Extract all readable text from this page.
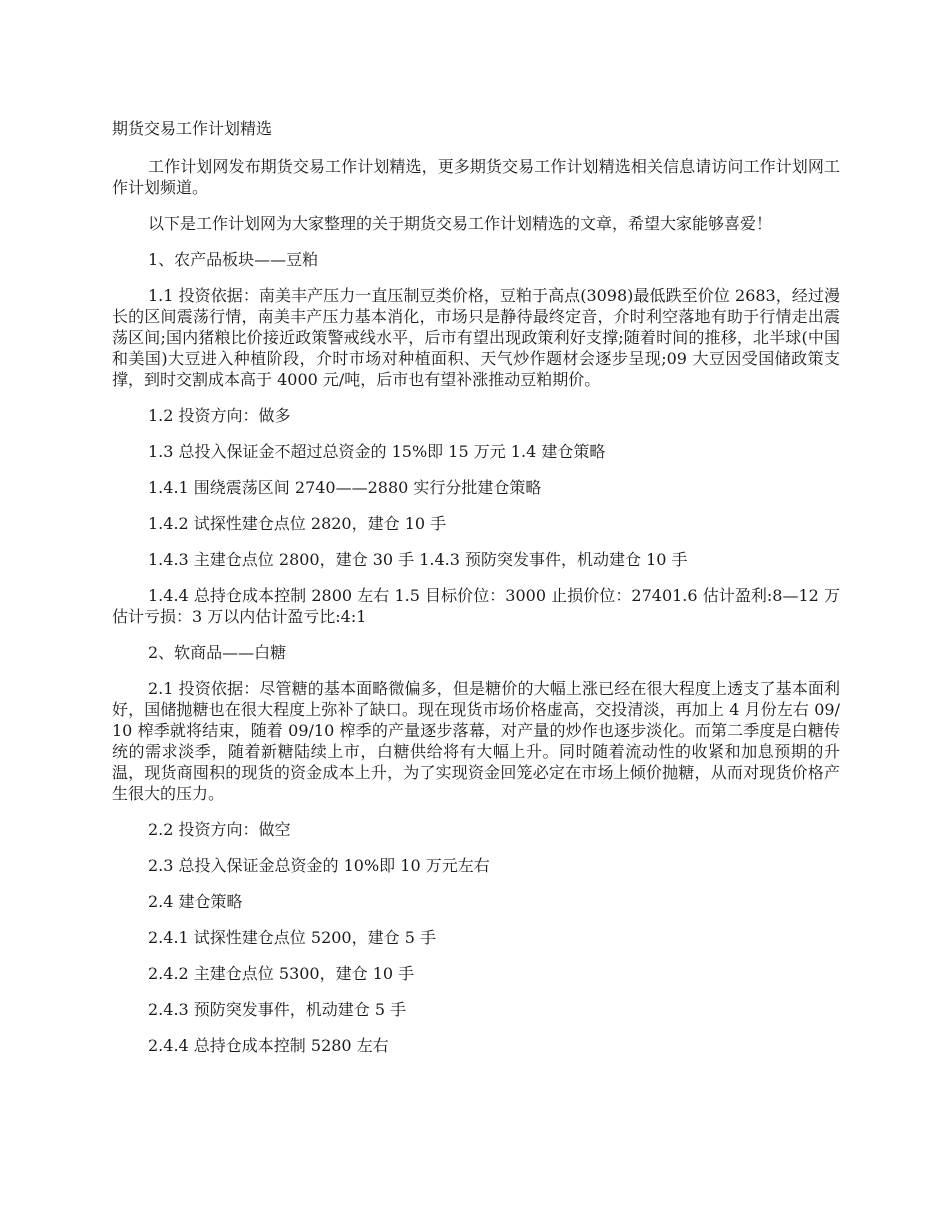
期货交易工作计划精选

工作计划网发布期货交易工作计划精选，更多期货交易工作计划精选相关信息请访问工作计划网工作计划频道。

以下是工作计划网为大家整理的关于期货交易工作计划精选的文章，希望大家能够喜爱！

1、农产品板块——豆粕

1.1 投资依据：南美丰产压力一直压制豆类价格，豆粕于高点(3098)最低跌至价位 2683，经过漫长的区间震荡行情，南美丰产压力基本消化，市场只是静待最终定音，介时利空落地有助于行情走出震荡区间;国内猪粮比价接近政策警戒线水平，后市有望出现政策利好支撑;随着时间的推移，北半球(中国和美国)大豆进入种植阶段，介时市场对种植面积、天气炒作题材会逐步呈现;09 大豆因受国储政策支撑，到时交割成本高于 4000 元/吨，后市也有望补涨推动豆粕期价。

1.2 投资方向：做多

1.3 总投入保证金不超过总资金的 15%即 15 万元 1.4 建仓策略

1.4.1 围绕震荡区间 2740——2880 实行分批建仓策略

1.4.2 试探性建仓点位 2820，建仓 10 手

1.4.3 主建仓点位 2800，建仓 30 手 1.4.3 预防突发事件，机动建仓 10 手

1.4.4 总持仓成本控制 2800 左右 1.5 目标价位：3000 止损价位：27401.6 估计盈利:8—12 万估计亏损：3 万以内估计盈亏比:4:1

2、软商品——白糖

2.1 投资依据：尽管糖的基本面略微偏多，但是糖价的大幅上涨已经在很大程度上透支了基本面利好，国储抛糖也在很大程度上弥补了缺口。现在现货市场价格虚高，交投清淡，再加上 4 月份左右 09/10 榨季就将结束，随着 09/10 榨季的产量逐步落幕，对产量的炒作也逐步淡化。而第二季度是白糖传统的需求淡季，随着新糖陆续上市，白糖供给将有大幅上升。同时随着流动性的收紧和加息预期的升温，现货商囤积的现货的资金成本上升，为了实现资金回笼必定在市场上倾价抛糖，从而对现货价格产生很大的压力。

2.2 投资方向：做空

2.3 总投入保证金总资金的 10%即 10 万元左右

2.4 建仓策略

2.4.1 试探性建仓点位 5200，建仓 5 手

2.4.2 主建仓点位 5300，建仓 10 手

2.4.3 预防突发事件，机动建仓 5 手

2.4.4 总持仓成本控制 5280 左右
